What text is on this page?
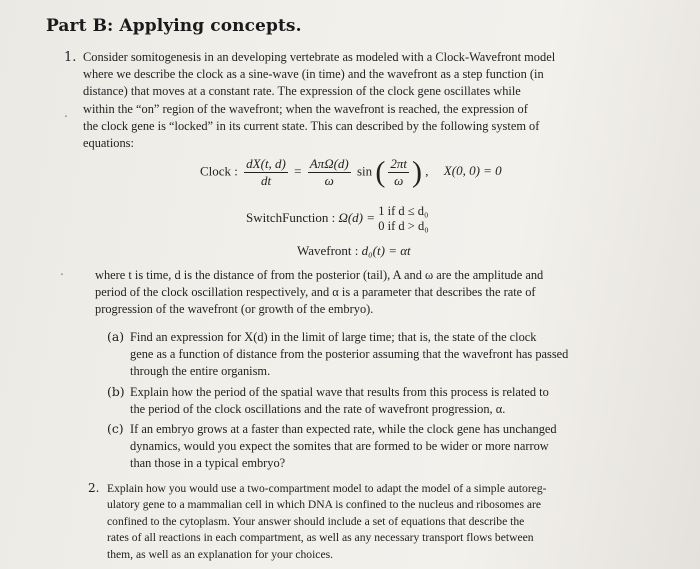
Part B: Applying concepts.
1. Consider somitogenesis in an developing vertebrate as modeled with a Clock-Wavefront model
where we describe the clock as a sine-wave (in time) and the wavefront as a step function (in
distance) that moves at a constant rate. The expression of the clock gene oscillates while
within the “on” region of the wavefront; when the wavefront is reached, the expression of
the clock gene is “locked” in its current state. This can described by the following system of
equations:
.
Clock : $\frac{dX(t, d)}{dt} = \frac{\text{AπΩ(d)}}{\omega}$ sin ( $\frac{2\pi t}{\omega}$ ) , X(0, 0) = 0
SwitchFunction : Ω(d) = 1 if d ≤ d₀
0 if d > d₀
Wavefront : d₀(t) = αt
.	where t is time, d is the distance of from the posterior (tail), A and ω are the amplitude and
period of the clock oscillation respectively, and α is a parameter that describes the rate of
progression of the wavefront (or growth of the embryo).
(a) Find an expression for X(d) in the limit of large time; that is, the state of the clock
gene as a function of distance from the posterior assuming that the wavefront has passed
through the entire organism.
(b) Explain how the period of the spatial wave that results from this process is related to
the period of the clock oscillations and the rate of wavefront progression, α.
(c) If an embryo grows at a faster than expected rate, while the clock gene has unchanged
dynamics, would you expect the somites that are formed to be wider or more narrow
than those in a typical embryo?
2. Explain how you would use a two-compartment model to adapt the model of a simple autoreg-
ulatory gene to a mammalian cell in which DNA is confined to the nucleus and ribosomes are
confined to the cytoplasm. Your answer should include a set of equations that describe the
rates of all reactions in each compartment, as well as any necessary transport flows between
them, as well as an explanation for your choices.
